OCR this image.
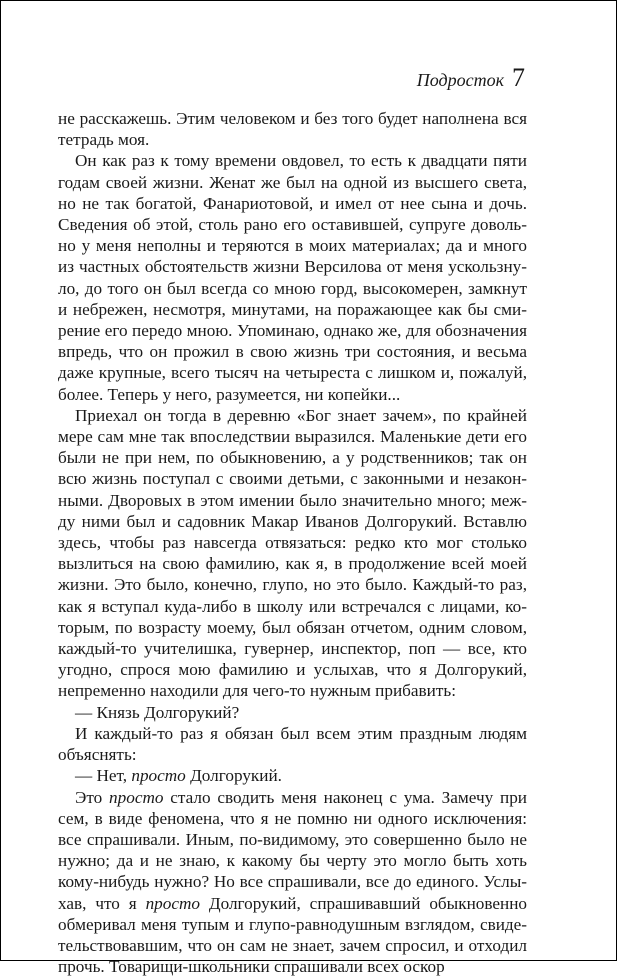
Подросток 7

не расскажешь. Этим человеком и без того будет наполнена вся тетрадь моя.

Он как раз к тому времени овдовел, то есть к двадцати пяти годам своей жизни. Женат же был на одной из высшего света, но не так богатой, Фанариотовой, и имел от нее сына и дочь. Сведения об этой, столь рано его оставившей, супруге довольно у меня неполны и теряются в моих материалах; да и много из частных обстоятельств жизни Версилова от меня ускользнуло, до того он был всегда со мною горд, высокомерен, замкнут и небрежен, несмотря, минутами, на поражающее как бы смирение его передо мною. Упоминаю, однако же, для обозначения впредь, что он прожил в свою жизнь три состояния, и весьма даже крупные, всего тысяч на четыреста с лишком и, пожалуй, более. Теперь у него, разумеется, ни копейки...

Приехал он тогда в деревню «Бог знает зачем», по крайней мере сам мне так впоследствии выразился. Маленькие дети его были не при нем, по обыкновению, а у родственников; так он всю жизнь поступал с своими детьми, с законными и незаконными. Дворовых в этом имении было значительно много; между ними был и садовник Макар Иванов Долгорукий. Вставлю здесь, чтобы раз навсегда отвязаться: редко кто мог столько вызлиться на свою фамилию, как я, в продолжение всей моей жизни. Это было, конечно, глупо, но это было. Каждый-то раз, как я вступал куда-либо в школу или встречался с лицами, которым, по возрасту моему, был обязан отчетом, одним словом, каждый-то учителишка, гувернер, инспектор, поп — все, кто угодно, спрося мою фамилию и услыхав, что я Долгорукий, непременно находили для чего-то нужным прибавить:

— Князь Долгорукий?

И каждый-то раз я обязан был всем этим праздным людям объяснять:

— Нет, просто Долгорукий.

Это просто стало сводить меня наконец с ума. Замечу при сем, в виде феномена, что я не помню ни одного исключения: все спрашивали. Иным, по-видимому, это совершенно было не нужно; да и не знаю, к какому бы черту это могло быть хоть кому-нибудь нужно? Но все спрашивали, все до единого. Услыхав, что я просто Долгорукий, спрашивавший обыкновенно обмеривал меня тупым и глупо-равнодушным взглядом, свидетельствовавшим, что он сам не знает, зачем спросил, и отходил прочь. Товарищи-школьники спрашивали всех оскор
